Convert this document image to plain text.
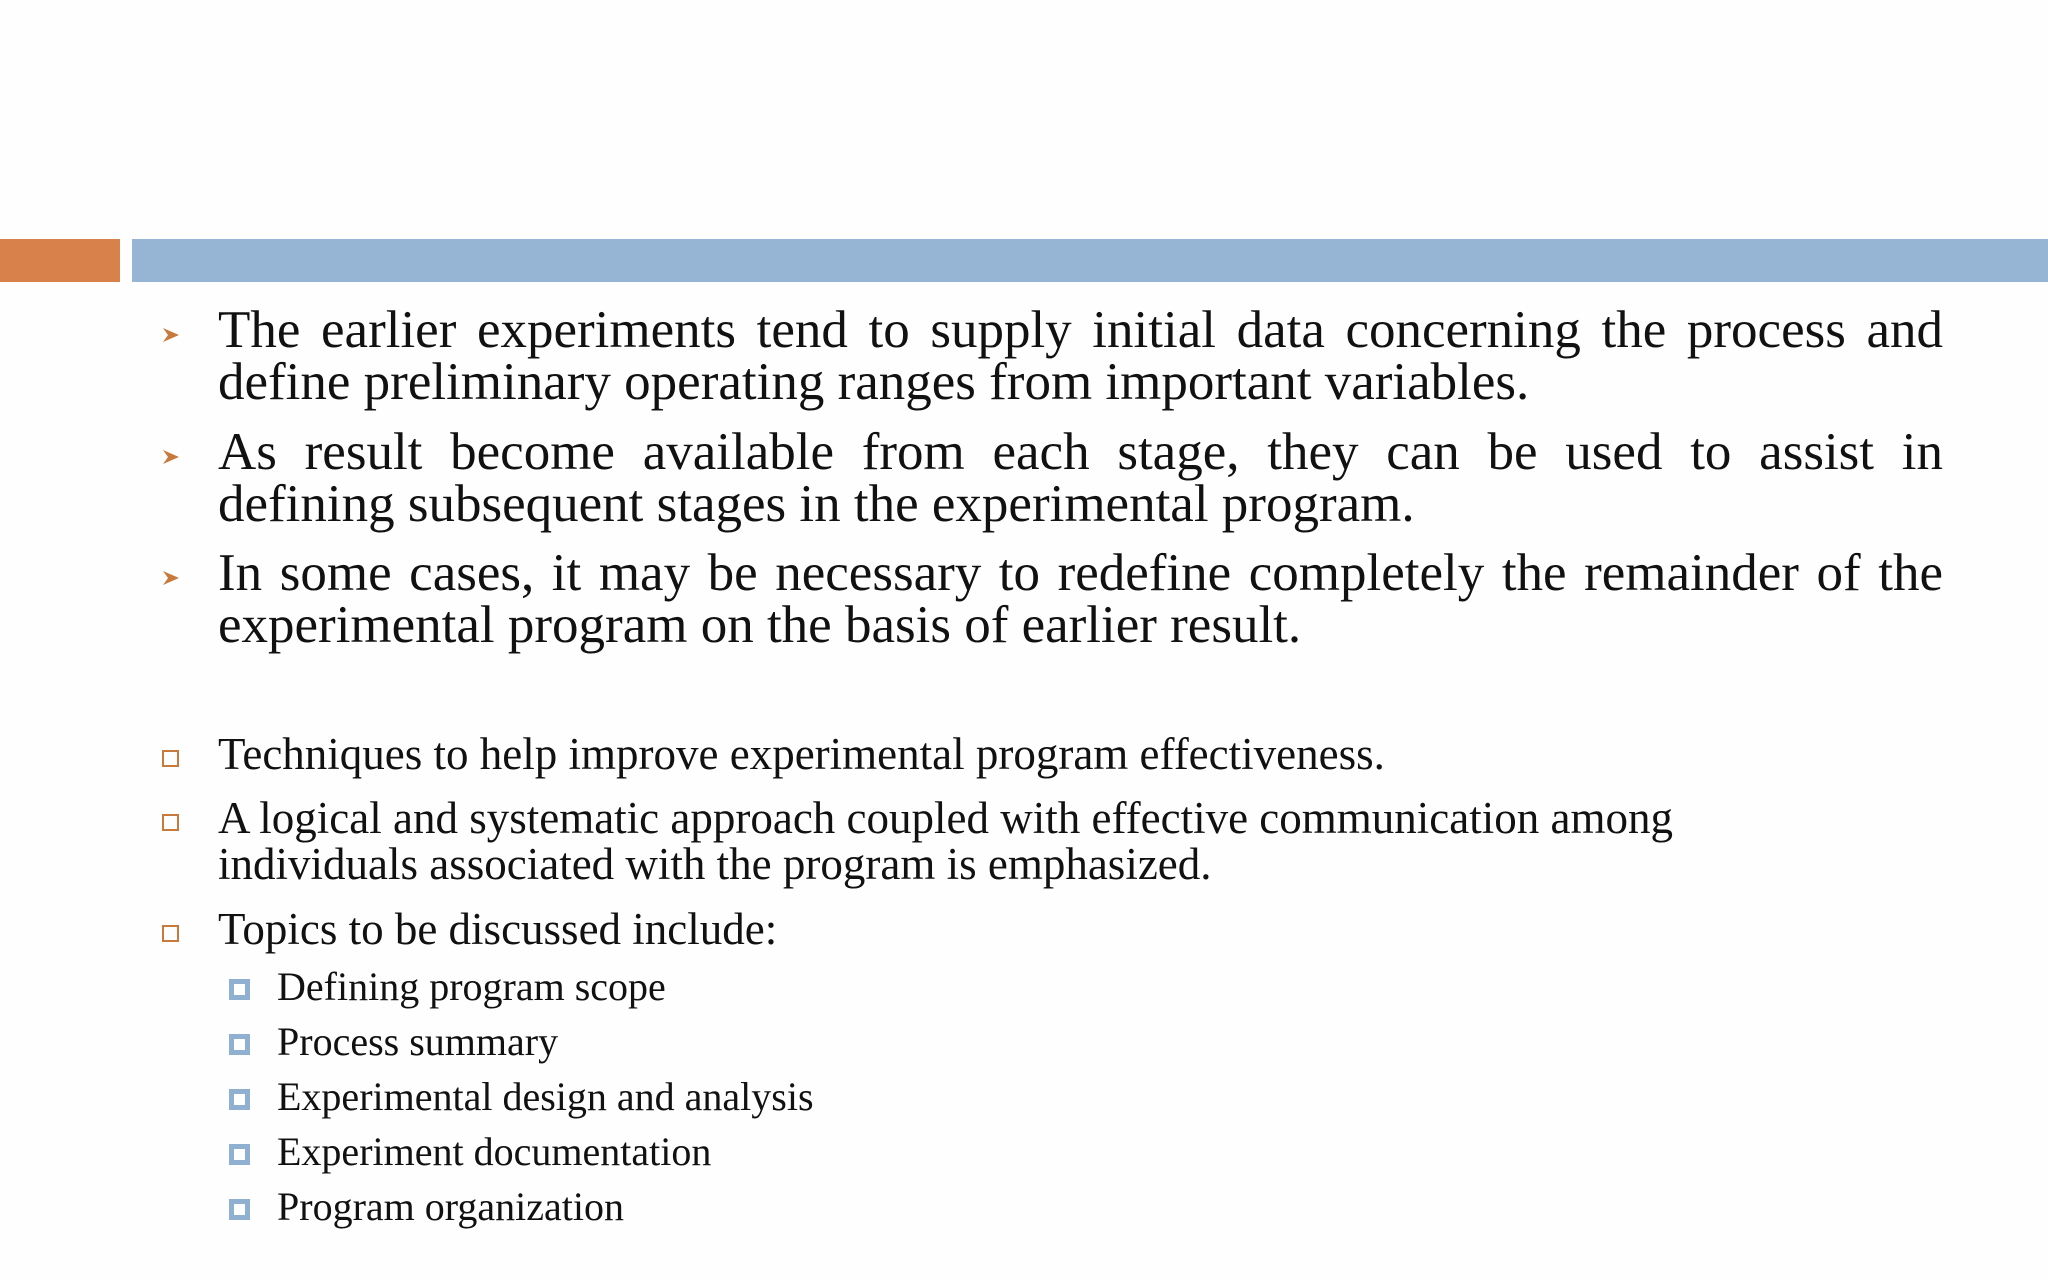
The earlier experiments tend to supply initial data concerning the process and define preliminary operating ranges from important variables.
As result become available from each stage, they can be used to assist in defining subsequent stages in the experimental program.
In some cases, it may be necessary to redefine completely the remainder of the experimental program on the basis of earlier result.
Techniques to help improve experimental program effectiveness.
A logical and systematic approach coupled with effective communication among individuals associated with the program is emphasized.
Topics to be discussed include:
Defining program scope
Process summary
Experimental design and analysis
Experiment documentation
Program organization
